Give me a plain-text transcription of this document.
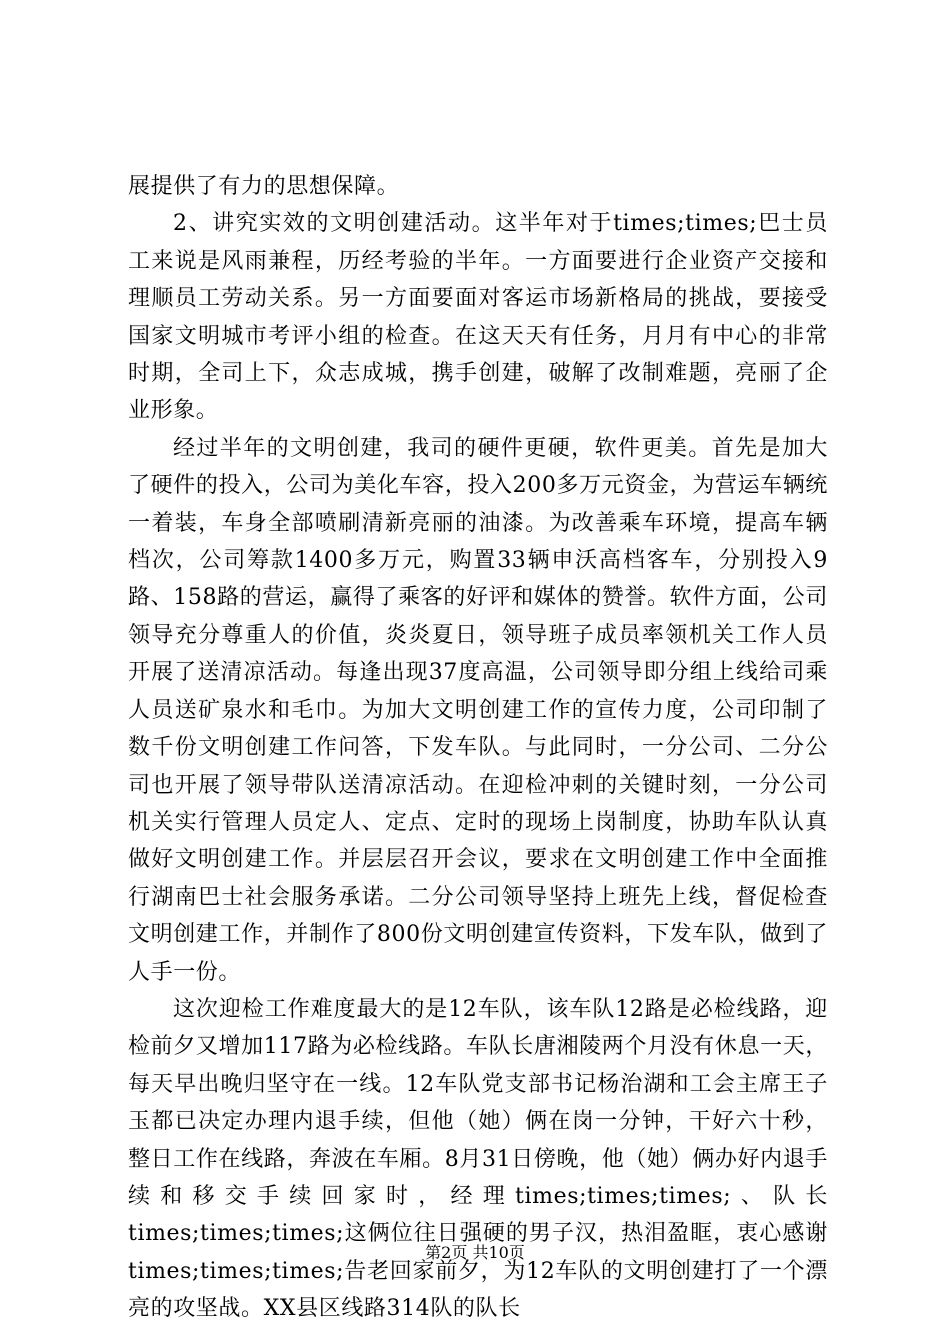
展提供了有力的思想保障。

2、讲究实效的文明创建活动。这半年对于times;times;巴士员工来说是风雨兼程，历经考验的半年。一方面要进行企业资产交接和理顺员工劳动关系。另一方面要面对客运市场新格局的挑战，要接受国家文明城市考评小组的检查。在这天天有任务，月月有中心的非常时期，全司上下，众志成城，携手创建，破解了改制难题，亮丽了企业形象。

经过半年的文明创建，我司的硬件更硬，软件更美。首先是加大了硬件的投入，公司为美化车容，投入200多万元资金，为营运车辆统一着装，车身全部喷刷清新亮丽的油漆。为改善乘车环境，提高车辆档次，公司筹款1400多万元，购置33辆申沃高档客车，分别投入9路、158路的营运，赢得了乘客的好评和媒体的赞誉。软件方面，公司领导充分尊重人的价值，炎炎夏日，领导班子成员率领机关工作人员开展了送清凉活动。每逢出现37度高温，公司领导即分组上线给司乘人员送矿泉水和毛巾。为加大文明创建工作的宣传力度，公司印制了数千份文明创建工作问答，下发车队。与此同时，一分公司、二分公司也开展了领导带队送清凉活动。在迎检冲刺的关键时刻，一分公司机关实行管理人员定人、定点、定时的现场上岗制度，协助车队认真做好文明创建工作。并层层召开会议，要求在文明创建工作中全面推行湖南巴士社会服务承诺。二分公司领导坚持上班先上线，督促检查文明创建工作，并制作了800份文明创建宣传资料，下发车队，做到了人手一份。

这次迎检工作难度最大的是12车队，该车队12路是必检线路，迎检前夕又增加117路为必检线路。车队长唐湘陵两个月没有休息一天，每天早出晚归坚守在一线。12车队党支部书记杨治湖和工会主席王子玉都已决定办理内退手续，但他（她）俩在岗一分钟，干好六十秒，整日工作在线路，奔波在车厢。8月31日傍晚，他（她）俩办好内退手续和移交手续回家时，经理times;times;times;、队长times;times;times;这俩位往日强硬的男子汉，热泪盈眶，衷心感谢times;times;times;告老回家前夕，为12车队的文明创建打了一个漂亮的攻坚战。XX县区线路314队的队长

第2页 共10页
